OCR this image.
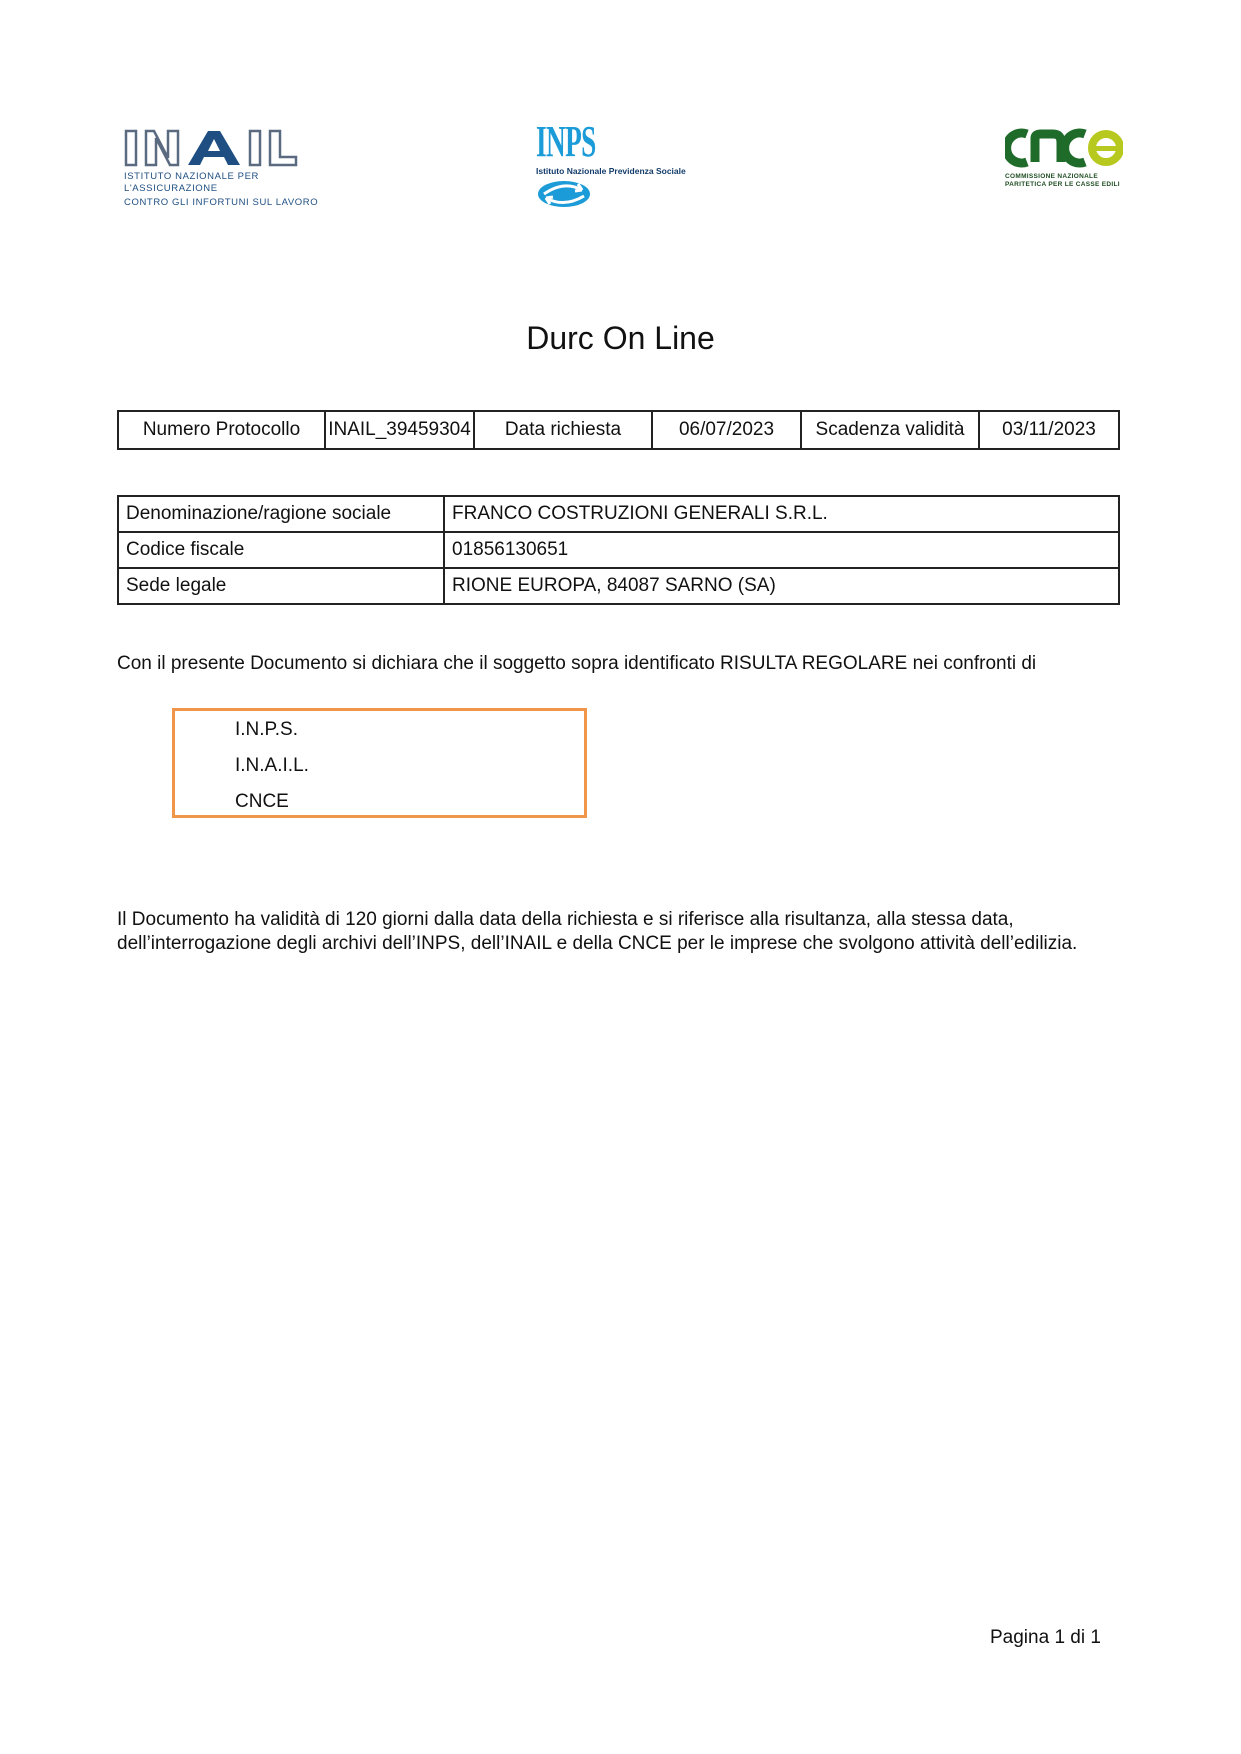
ISTITUTO NAZIONALE PER L'ASSICURAZIONE
CONTRO GLI INFORTUNI SUL LAVORO
INPS
Istituto Nazionale Previdenza Sociale
COMMISSIONE NAZIONALE
PARITETICA PER LE CASSE EDILI
Durc On Line
Numero Protocollo	INAIL_39459304	Data richiesta	06/07/2023	Scadenza validità	03/11/2023
Denominazione/ragione sociale	FRANCO COSTRUZIONI GENERALI S.R.L.
Codice fiscale	01856130651
Sede legale	RIONE EUROPA, 84087 SARNO (SA)
Con il presente Documento si dichiara che il soggetto sopra identificato RISULTA REGOLARE nei confronti di
I.N.P.S.
I.N.A.I.L.
CNCE
Il Documento ha validità di 120 giorni dalla data della richiesta e si riferisce alla risultanza, alla stessa data,
dell’interrogazione degli archivi dell’INPS, dell’INAIL e della CNCE per le imprese che svolgono attività dell’edilizia.
Pagina 1 di 1
